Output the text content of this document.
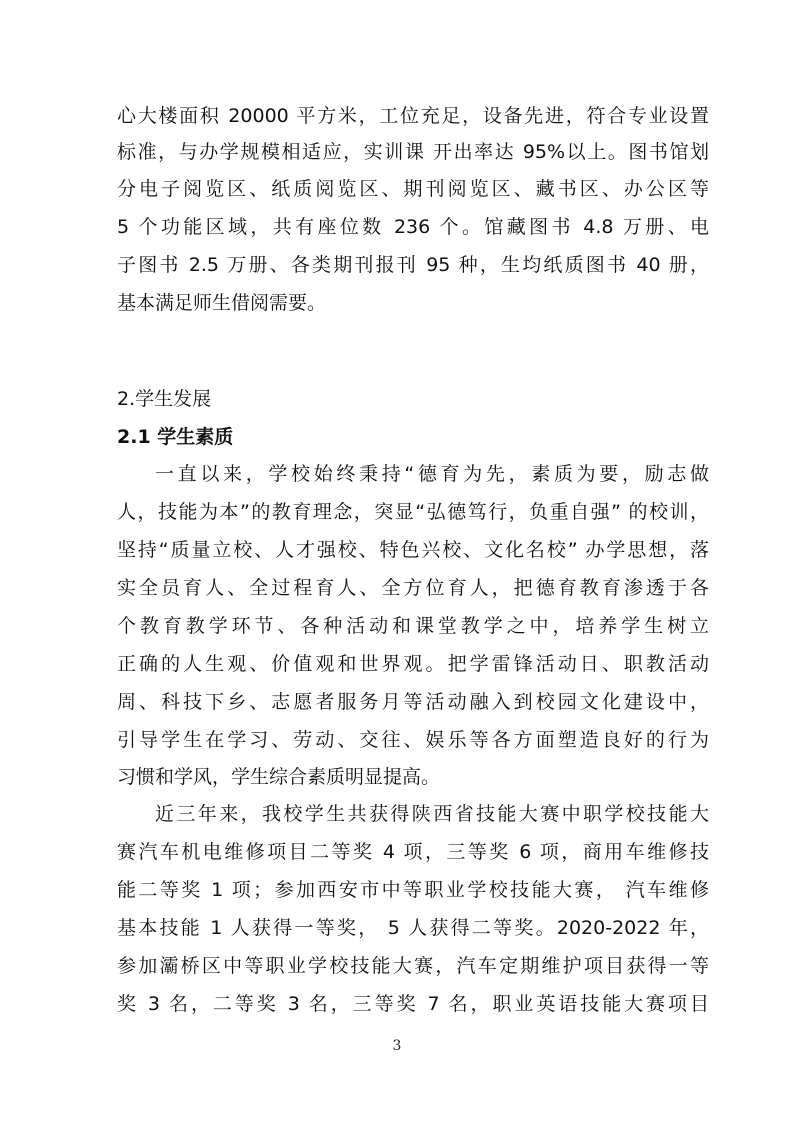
心大楼面积 20000 平方米，工位充足，设备先进，符合专业设置
标准，与办学规模相适应，实训课 开出率达 95%以上。图书馆划
分电子阅览区、纸质阅览区、期刊阅览区、藏书区、办公区等
5 个功能区域，共有座位数 236 个。馆藏图书 4.8 万册、电
子图书 2.5 万册、各类期刊报刊 95 种，生均纸质图书 40 册，
基本满足师生借阅需要。
2.学生发展
2.1 学生素质
一直以来，学校始终秉持“德育为先，素质为要，励志做
人，技能为本”的教育理念，突显“弘德笃行，负重自强” 的校训，
坚持“质量立校、人才强校、特色兴校、文化名校” 办学思想，落
实全员育人、全过程育人、全方位育人，把德育教育渗透于各
个教育教学环节、各种活动和课堂教学之中，培养学生树立
正确的人生观、价值观和世界观。把学雷锋活动日、职教活动
周、科技下乡、志愿者服务月等活动融入到校园文化建设中，
引导学生在学习、劳动、交往、娱乐等各方面塑造良好的行为
习惯和学风，学生综合素质明显提高。
近三年来，我校学生共获得陕西省技能大赛中职学校技能大
赛汽车机电维修项目二等奖 4 项，三等奖 6 项，商用车维修技
能二等奖 1 项；参加西安市中等职业学校技能大赛， 汽车维修
基本技能 1 人获得一等奖， 5 人获得二等奖。2020-2022 年，
参加灞桥区中等职业学校技能大赛，汽车定期维护项目获得一等
奖 3 名，二等奖 3 名，三等奖 7 名，职业英语技能大赛项目
3
